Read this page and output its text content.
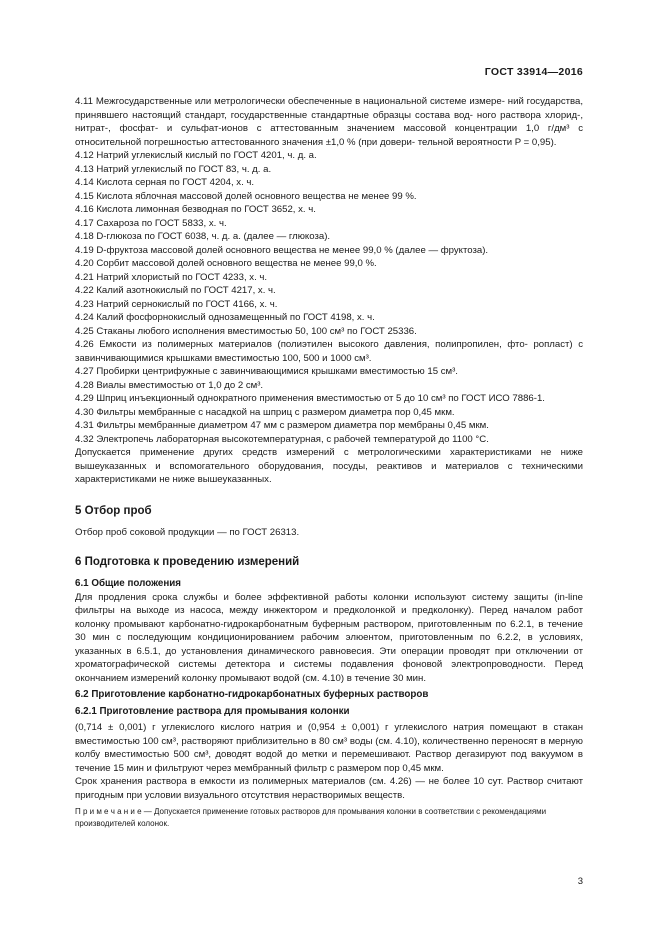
ГОСТ 33914—2016
4.11 Межгосударственные или метрологически обеспеченные в национальной системе измере- ний государства, принявшего настоящий стандарт, государственные стандартные образцы состава вод- ного раствора хлорид-, нитрат-, фосфат- и сульфат-ионов с аттестованным значением массовой концентрации 1,0 г/дм³ с относительной погрешностью аттестованного значения ±1,0 % (при довери- тельной вероятности P = 0,95).
4.12 Натрий углекислый кислый по ГОСТ 4201, ч. д. а.
4.13 Натрий углекислый по ГОСТ 83, ч. д. а.
4.14 Кислота серная по ГОСТ 4204, х. ч.
4.15 Кислота яблочная массовой долей основного вещества не менее 99 %.
4.16 Кислота лимонная безводная по ГОСТ 3652, х. ч.
4.17 Сахароза по ГОСТ 5833, х. ч.
4.18 D-глюкоза по ГОСТ 6038, ч. д. а. (далее — глюкоза).
4.19 D-фруктоза массовой долей основного вещества не менее 99,0 % (далее — фруктоза).
4.20 Сорбит массовой долей основного вещества не менее 99,0 %.
4.21 Натрий хлористый по ГОСТ 4233, х. ч.
4.22 Калий азотнокислый по ГОСТ 4217, х. ч.
4.23 Натрий сернокислый по ГОСТ 4166, х. ч.
4.24 Калий фосфорнокислый однозамещенный по ГОСТ 4198, х. ч.
4.25 Стаканы любого исполнения вместимостью 50, 100 см³ по ГОСТ 25336.
4.26 Емкости из полимерных материалов (полиэтилен высокого давления, полипропилен, фто- ропласт) с завинчивающимися крышками вместимостью 100, 500 и 1000 см³.
4.27 Пробирки центрифужные с завинчивающимися крышками вместимостью 15 см³.
4.28 Виалы вместимостью от 1,0 до 2 см³.
4.29 Шприц инъекционный однократного применения вместимостью от 5 до 10 см³ по ГОСТ ИСО 7886-1.
4.30 Фильтры мембранные с насадкой на шприц с размером диаметра пор 0,45 мкм.
4.31 Фильтры мембранные диаметром 47 мм с размером диаметра пор мембраны 0,45 мкм.
4.32 Электропечь лабораторная высокотемпературная, с рабочей температурой до 1100 °С.
Допускается применение других средств измерений с метрологическими характеристиками не ниже вышеуказанных и вспомогательного оборудования, посуды, реактивов и материалов с техническими характеристиками не ниже вышеуказанных.
5 Отбор проб
Отбор проб соковой продукции — по ГОСТ 26313.
6 Подготовка к проведению измерений
6.1 Общие положения
Для продления срока службы и более эффективной работы колонки используют систему защиты (in-line фильтры на выходе из насоса, между инжектором и предколонкой и предколонку). Перед началом работ колонку промывают карбонатно-гидрокарбонатным буферным раствором, приготовленным по 6.2.1, в течение 30 мин с последующим кондиционированием рабочим элюентом, приготовленным по 6.2.2, в условиях, указанных в 6.5.1, до установления динамического равновесия. Эти операции проводят при отключении от хроматографической системы детектора и системы подавления фоновой электропроводности. Перед окончанием измерений колонку промывают водой (см. 4.10) в течение 30 мин.
6.2 Приготовление карбонатно-гидрокарбонатных буферных растворов
6.2.1 Приготовление раствора для промывания колонки
(0,714 ± 0,001) г углекислого кислого натрия и (0,954 ± 0,001) г углекислого натрия помещают в стакан вместимостью 100 см³, растворяют приблизительно в 80 см³ воды (см. 4.10), количественно переносят в мерную колбу вместимостью 500 см³, доводят водой до метки и перемешивают. Раствор дегазируют под вакуумом в течение 15 мин и фильтруют через мембранный фильтр с размером пор 0,45 мкм.
Срок хранения раствора в емкости из полимерных материалов (см. 4.26) — не более 10 сут. Раствор считают пригодным при условии визуального отсутствия нерастворимых веществ.
П р и м е ч а н и е — Допускается применение готовых растворов для промывания колонки в соответствии с рекомендациями производителей колонок.
3
